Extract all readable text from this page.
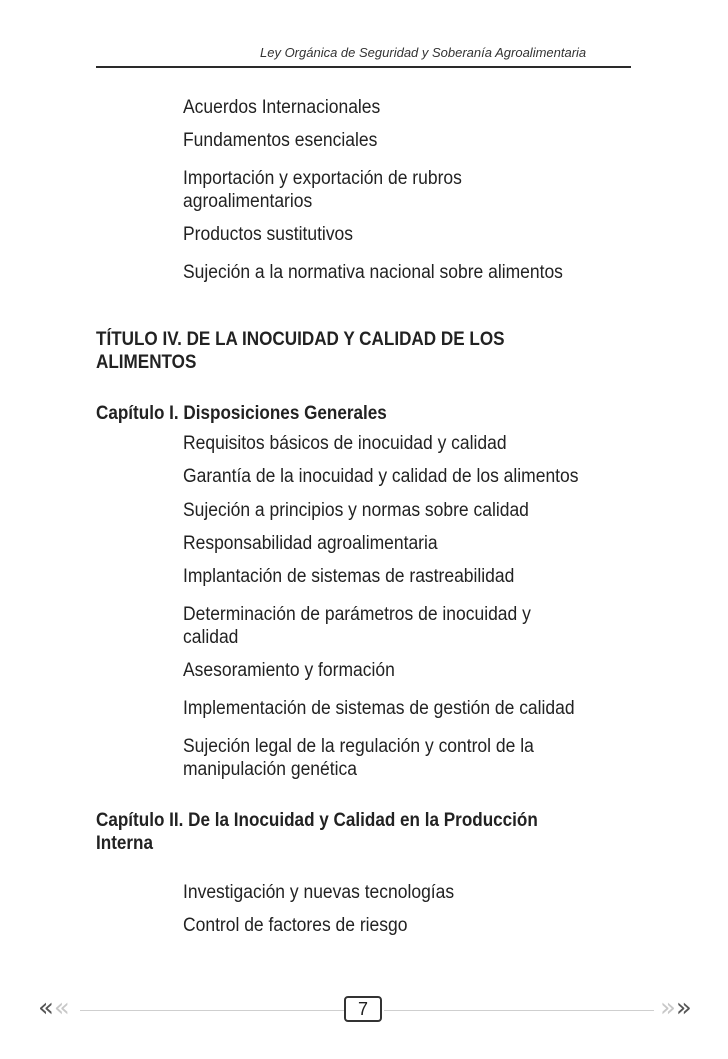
Ley Orgánica de Seguridad y Soberanía Agroalimentaria
Acuerdos Internacionales
Fundamentos esenciales
Importación y exportación de rubros
agroalimentarios
Productos sustitutivos
Sujeción a la normativa nacional sobre alimentos
TÍTULO IV. DE LA INOCUIDAD Y CALIDAD DE LOS
ALIMENTOS
Capítulo I. Disposiciones Generales
Requisitos básicos de inocuidad y calidad
Garantía de la inocuidad y calidad de los alimentos
Sujeción a principios y normas sobre calidad
Responsabilidad agroalimentaria
Implantación de sistemas de rastreabilidad
Determinación de parámetros de inocuidad y
calidad
Asesoramiento y formación
Implementación de sistemas de gestión de calidad
Sujeción legal de la regulación y control de la
manipulación genética
Capítulo II. De la Inocuidad y Calidad en la Producción
Interna
Investigación y nuevas tecnologías
Control de factores de riesgo
««	7	»»
